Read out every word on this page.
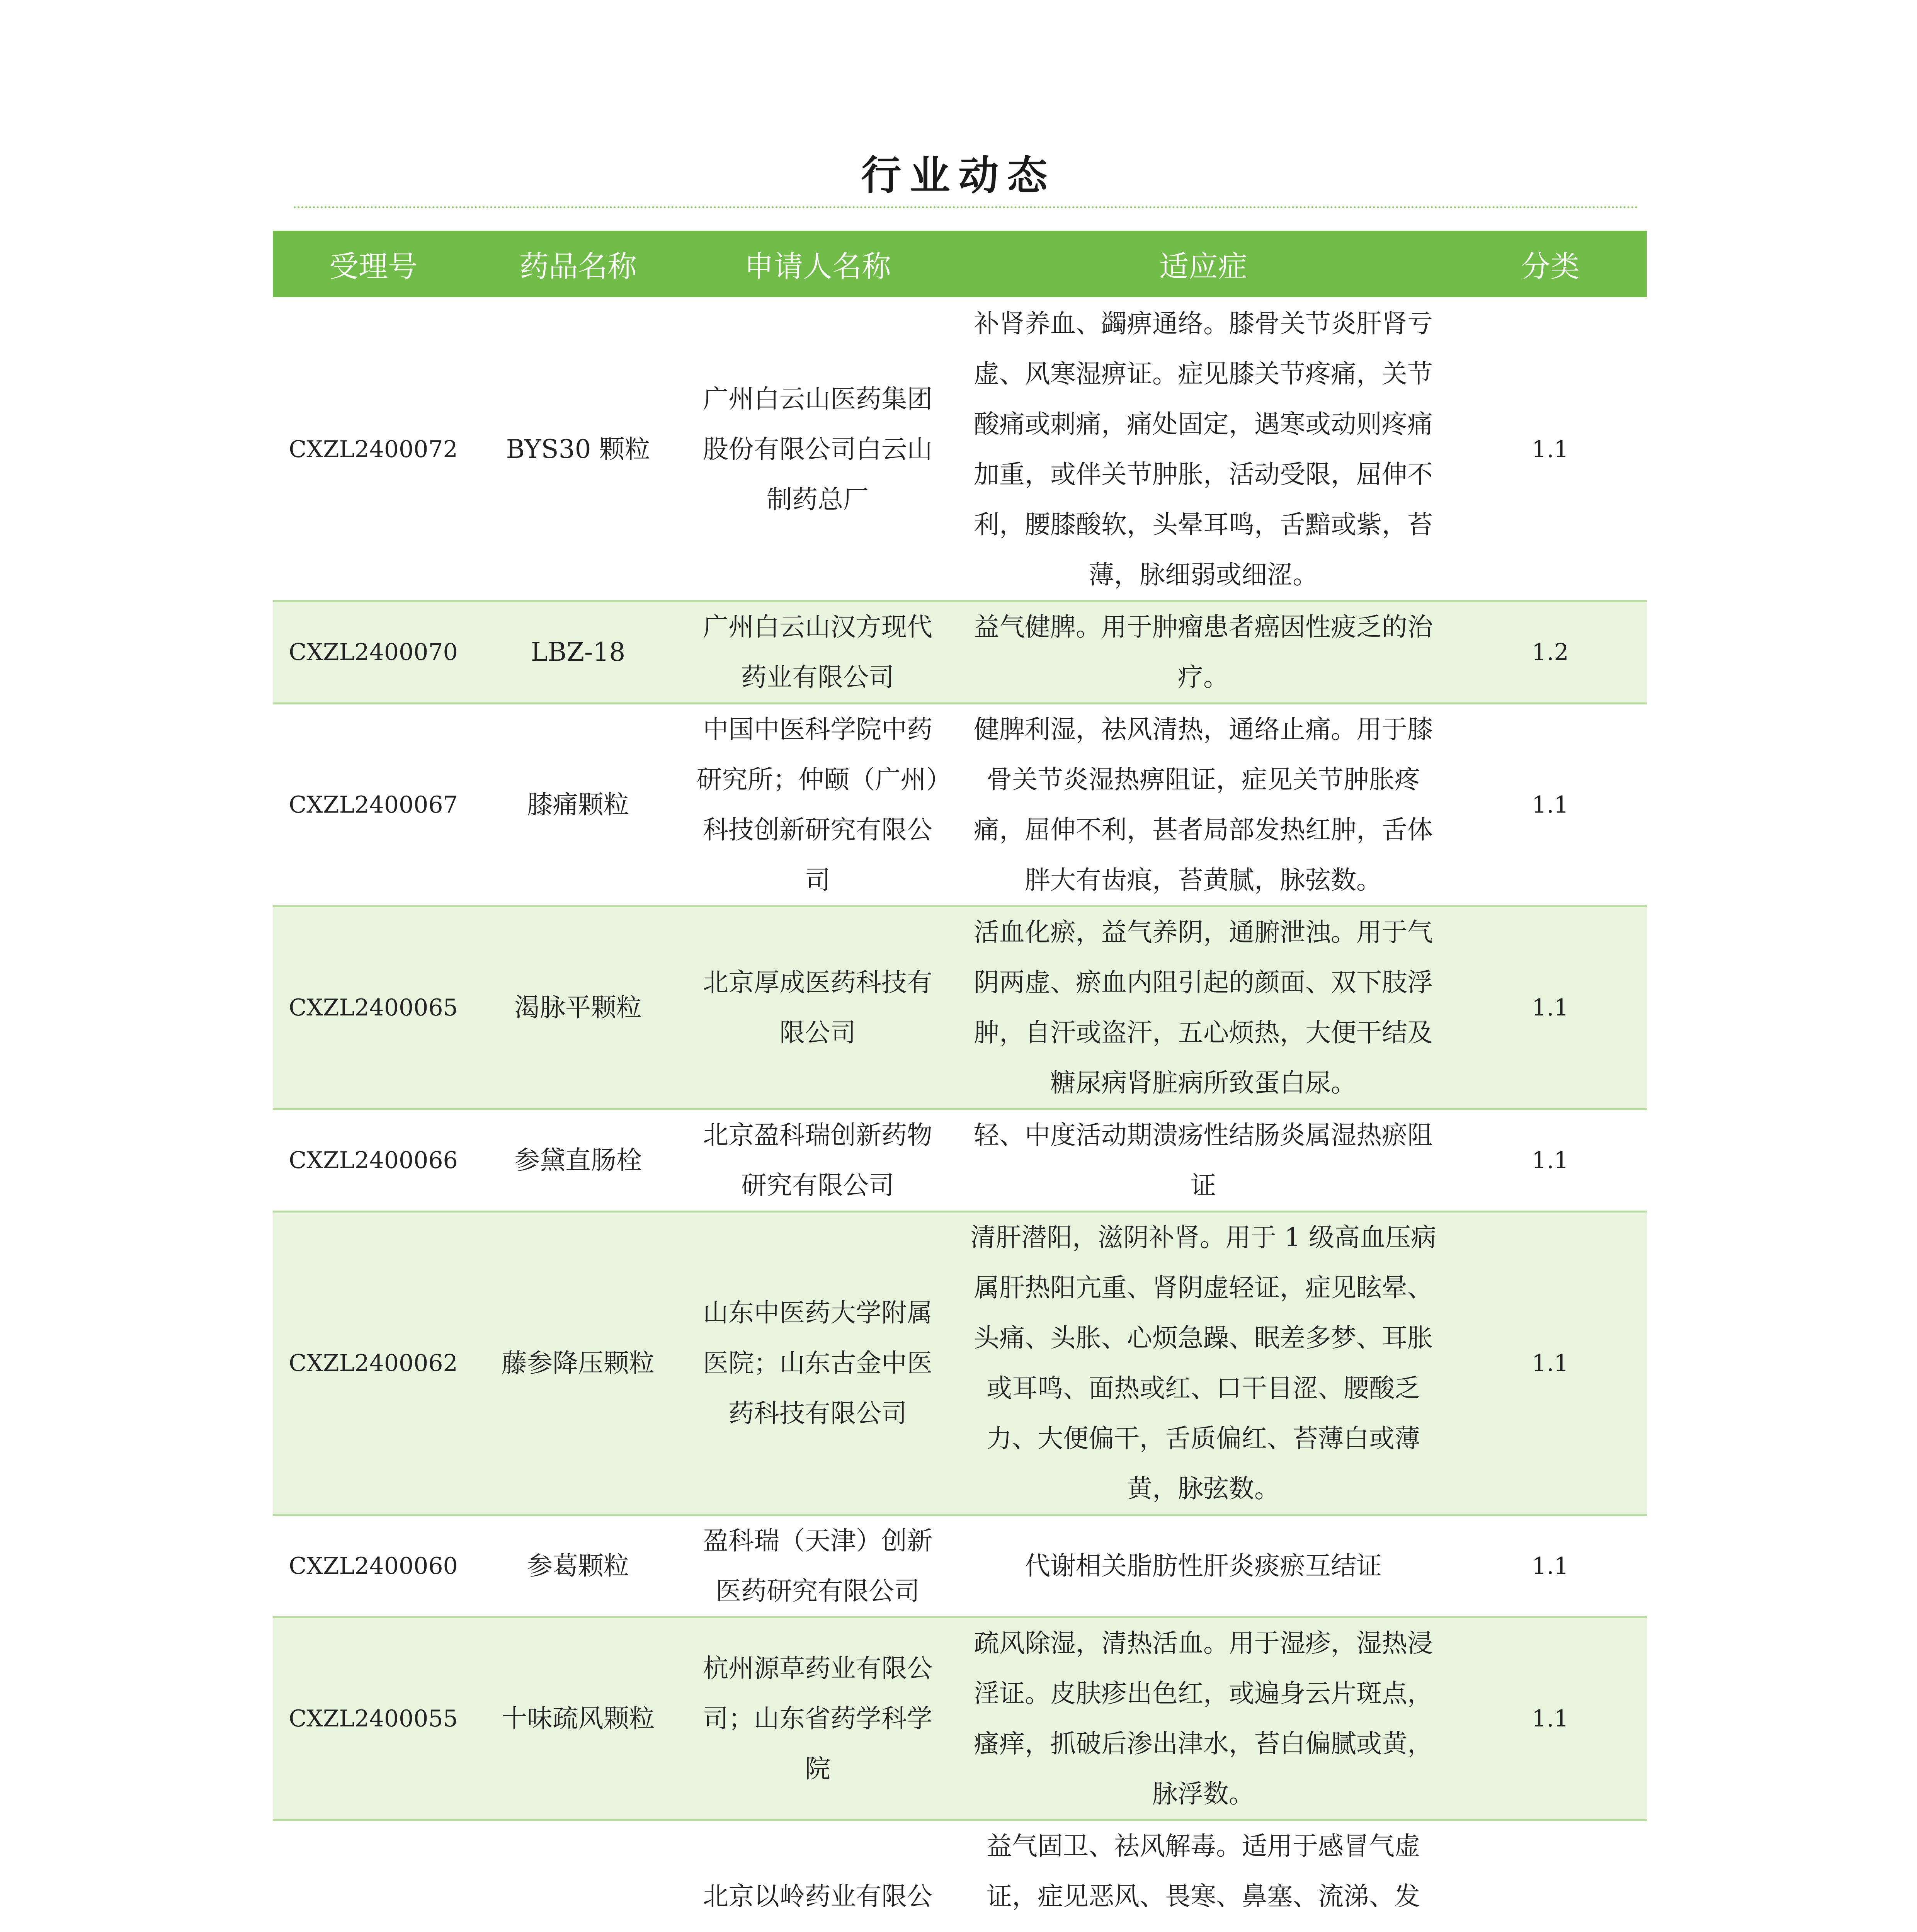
行业动态
受理号	药品名称	申请人名称	适应症	分类
CXZL2400072	BYS30 颗粒	广州白云山医药集团股份有限公司白云山制药总厂	补肾养血、蠲痹通络。膝骨关节炎肝肾亏虚、风寒湿痹证。症见膝关节疼痛，关节酸痛或刺痛，痛处固定，遇寒或动则疼痛加重，或伴关节肿胀，活动受限，屈伸不利，腰膝酸软，头晕耳鸣，舌黯或紫，苔薄，脉细弱或细涩。	1.1
CXZL2400070	LBZ-18	广州白云山汉方现代药业有限公司	益气健脾。用于肿瘤患者癌因性疲乏的治疗。	1.2
CXZL2400067	膝痛颗粒	中国中医科学院中药研究所；仲颐（广州）科技创新研究有限公司	健脾利湿，祛风清热，通络止痛。用于膝骨关节炎湿热痹阻证，症见关节肿胀疼痛，屈伸不利，甚者局部发热红肿，舌体胖大有齿痕，苔黄腻，脉弦数。	1.1
CXZL2400065	渴脉平颗粒	北京厚成医药科技有限公司	活血化瘀，益气养阴，通腑泄浊。用于气阴两虚、瘀血内阻引起的颜面、双下肢浮肿，自汗或盗汗，五心烦热，大便干结及糖尿病肾脏病所致蛋白尿。	1.1
CXZL2400066	参黛直肠栓	北京盈科瑞创新药物研究有限公司	轻、中度活动期溃疡性结肠炎属湿热瘀阻证	1.1
CXZL2400062	藤参降压颗粒	山东中医药大学附属医院；山东古金中医药科技有限公司	清肝潜阳，滋阴补肾。用于 1 级高血压病属肝热阳亢重、肾阴虚轻证，症见眩晕、头痛、头胀、心烦急躁、眠差多梦、耳胀或耳鸣、面热或红、口干目涩、腰酸乏力、大便偏干，舌质偏红、苔薄白或薄黄，脉弦数。	1.1
CXZL2400060	参葛颗粒	盈科瑞（天津）创新医药研究有限公司	代谢相关脂肪性肝炎痰瘀互结证	1.1
CXZL2400055	十味疏风颗粒	杭州源草药业有限公司；山东省药学科学院	疏风除湿，清热活血。用于湿疹，湿热浸淫证。皮肤疹出色红，或遍身云片斑点，瘙痒，抓破后渗出津水，苔白偏腻或黄，脉浮数。	1.1
		北京以岭药业有限公	益气固卫、祛风解毒。适用于感冒气虚证，症见恶风、畏寒、鼻塞、流涕、发	
